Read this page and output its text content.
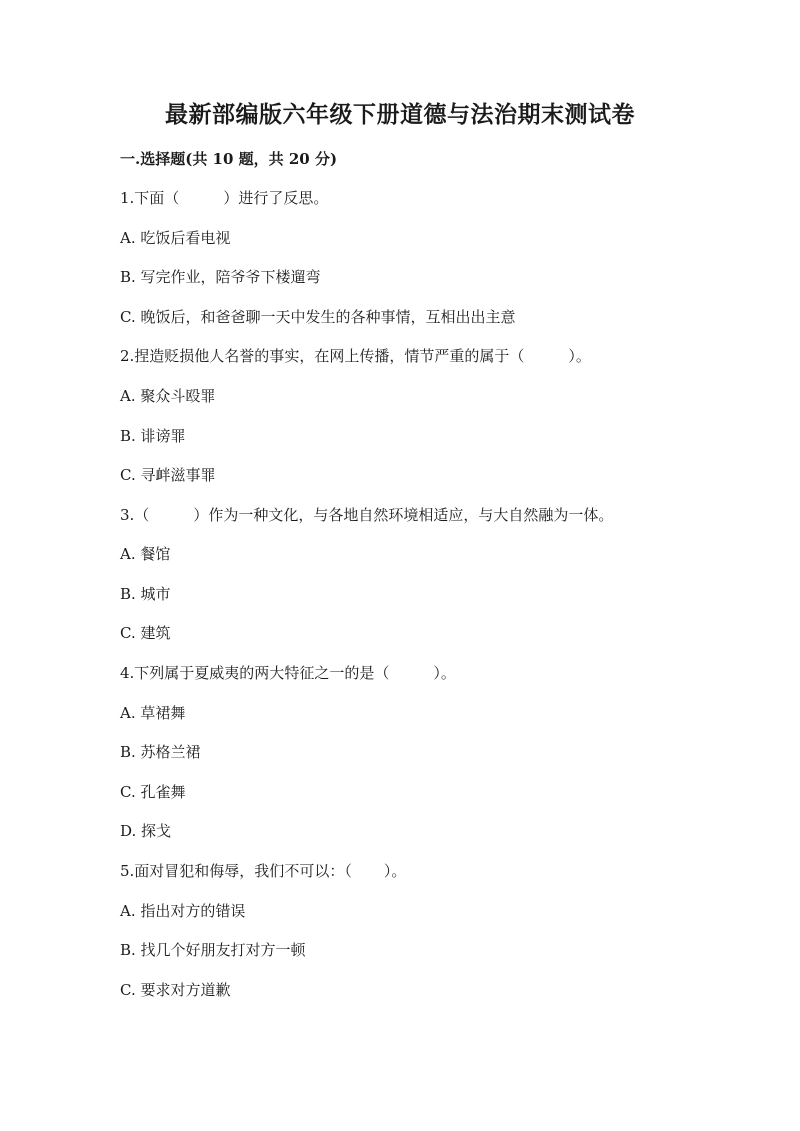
最新部编版六年级下册道德与法治期末测试卷
一.选择题(共 10 题，共 20 分)
1.下面（	）进行了反思。
A. 吃饭后看电视
B. 写完作业，陪爷爷下楼遛弯
C. 晚饭后，和爸爸聊一天中发生的各种事情，互相出出主意
2.捏造贬损他人名誉的事实，在网上传播，情节严重的属于（	）。
A. 聚众斗殴罪
B. 诽谤罪
C. 寻衅滋事罪
3.（	）作为一种文化，与各地自然环境相适应，与大自然融为一体。
A. 餐馆
B. 城市
C. 建筑
4.下列属于夏威夷的两大特征之一的是（	）。
A. 草裙舞
B. 苏格兰裙
C. 孔雀舞
D. 探戈
5.面对冒犯和侮辱，我们不可以：（ ）。
A. 指出对方的错误
B. 找几个好朋友打对方一顿
C. 要求对方道歉
